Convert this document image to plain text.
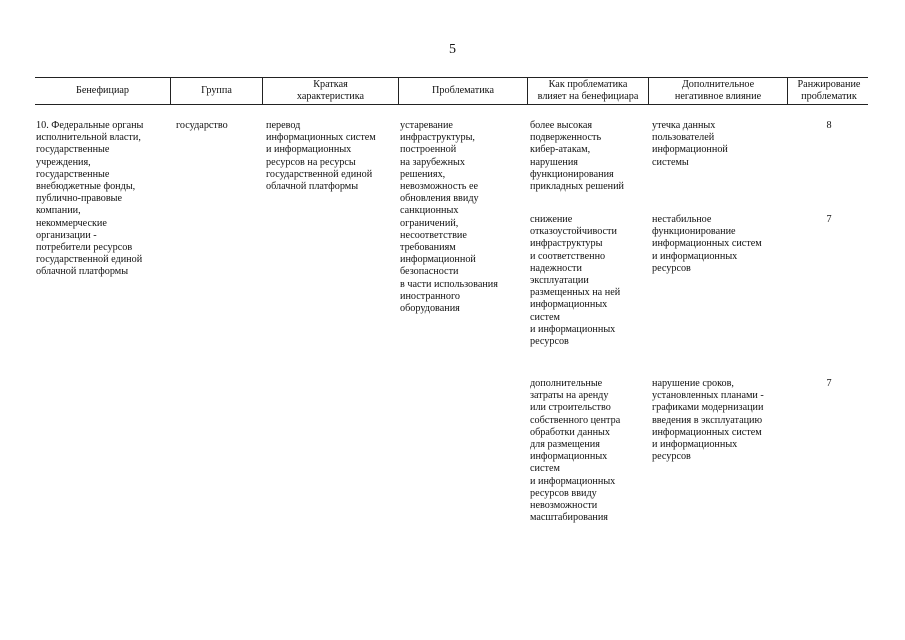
5
Бенефициар	Группа
Краткая
характеристика
Проблематика
Как проблематика
влияет на бенефициара
Дополнительное
негативное влияние
Ранжирование
проблематик
10. Федеральные органы
исполнительной власти,
государственные
учреждения,
государственные
внебюджетные фонды,
публично-правовые
компании,
некоммерческие
организации -
потребители ресурсов
государственной единой
облачной платформы
государство	перевод
информационных систем
и информационных
ресурсов на ресурсы
государственной единой
облачной платформы
устаревание
инфраструктуры,
построенной
на зарубежных
решениях,
невозможность ее
обновления ввиду
санкционных
ограничений,
несоответствие
требованиям
информационной
безопасности
в части использования
иностранного
оборудования
более высокая
подверженность
кибер-атакам,
нарушения
функционирования
прикладных решений
утечка данных
пользователей
информационной
системы
8
снижение
отказоустойчивости
инфраструктуры
и соответственно
надежности
эксплуатации
размещенных на ней
информационных
систем
и информационных
ресурсов
нестабильное
функционирование
информационных систем
и информационных
ресурсов
7
дополнительные
затраты на аренду
или строительство
собственного центра
обработки данных
для размещения
информационных
систем
и информационных
ресурсов ввиду
невозможности
масштабирования
нарушение сроков,
установленных планами -
графиками модернизации
введения в эксплуатацию
информационных систем
и информационных
ресурсов
7
